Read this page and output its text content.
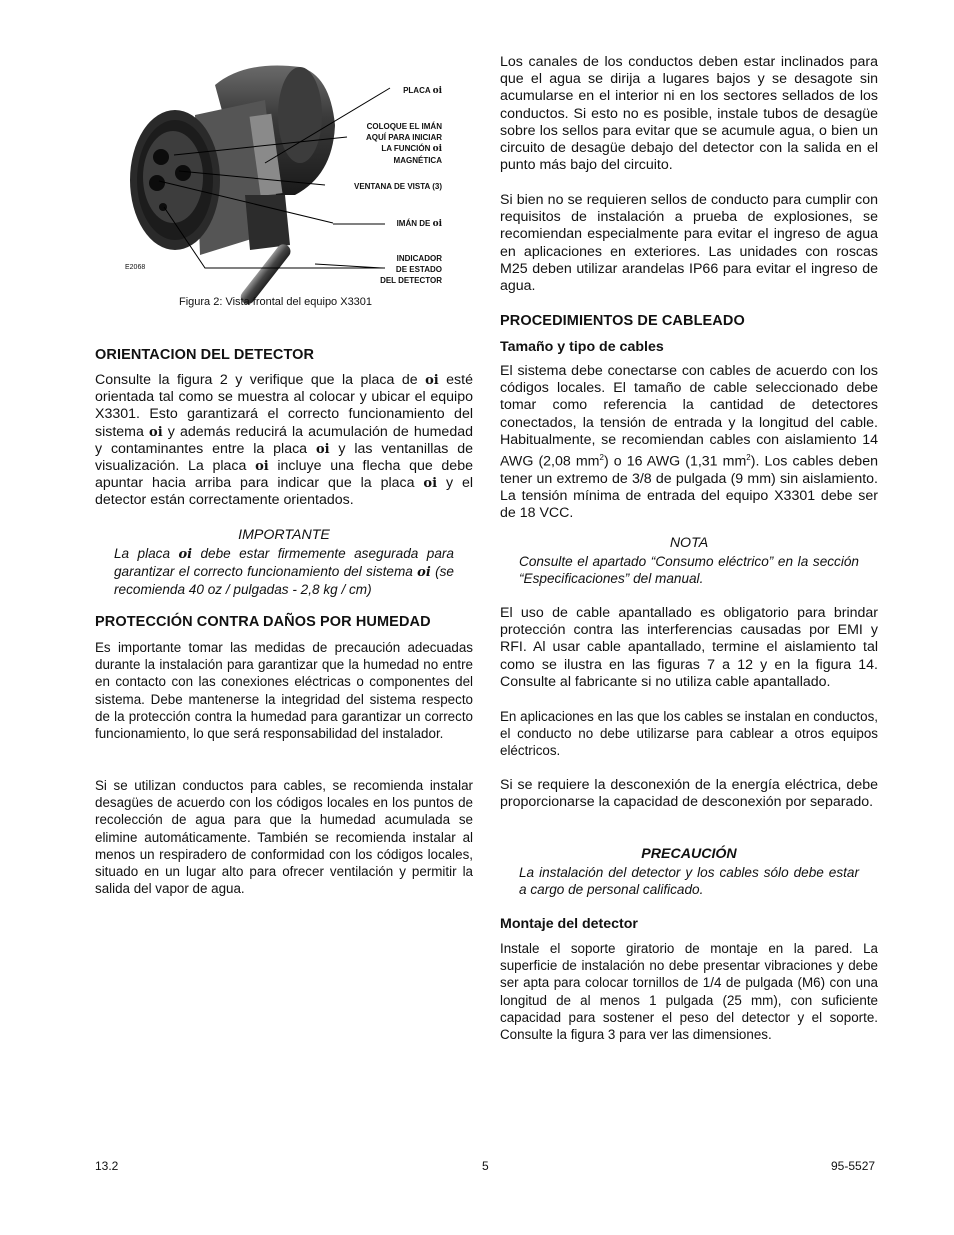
PLACA oi
COLOQUE EL IMÁN
AQUÍ PARA INICIAR
LA FUNCIÓN oi
MAGNÉTICA
VENTANA DE VISTA (3)
IMÁN DE oi
INDICADOR
DE ESTADO
DEL DETECTOR
E2068
Figura 2: Vista frontal del equipo X3301
ORIENTACION DEL DETECTOR

Consulte la figura 2 y verifique que la placa de oi esté orientada tal como se muestra al colocar y ubicar el equipo X3301. Esto garantizará el correcto funcionamiento del sistema oi y además reducirá la acumulación de humedad y contaminantes entre la placa oi y las ventanillas de visualización. La placa oi incluye una flecha que debe apuntar hacia arriba para indicar que la placa oi y el detector están correctamente orientados.

IMPORTANTE

La placa oi debe estar firmemente asegurada para garantizar el correcto funcionamiento del sistema oi (se recomienda 40 oz / pulgadas - 2,8 kg / cm)

PROTECCIÓN CONTRA DAÑOS POR HUMEDAD

Es importante tomar las medidas de precaución adecuadas durante la instalación para garantizar que la humedad no entre en contacto con las conexiones eléctricas o componentes del sistema. Debe mantenerse la integridad del sistema respecto de la protección contra la humedad para garantizar un correcto funcionamiento, lo que será responsabilidad del instalador.

Si se utilizan conductos para cables, se recomienda instalar desagües de acuerdo con los códigos locales en los puntos de recolección de agua para que la humedad acumulada se elimine automáticamente. También se recomienda instalar al menos un respiradero de conformidad con los códigos locales, situado en un lugar alto para ofrecer ventilación y permitir la salida del vapor de agua.

Los canales de los conductos deben estar inclinados para que el agua se dirija a lugares bajos y se desagote sin acumularse en el interior ni en los sectores sellados de los conductos. Si esto no es posible, instale tubos de desagüe sobre los sellos para evitar que se acumule agua, o bien un circuito de desagüe debajo del detector con la salida en el punto más bajo del circuito.

Si bien no se requieren sellos de conducto para cumplir con requisitos de instalación a prueba de explosiones, se recomiendan especialmente para evitar el ingreso de agua en aplicaciones en exteriores. Las unidades con roscas M25 deben utilizar arandelas IP66 para evitar el ingreso de agua.

PROCEDIMIENTOS DE CABLEADO
Tamaño y tipo de cables

El sistema debe conectarse con cables de acuerdo con los códigos locales. El tamaño de cable seleccionado debe tomar como referencia la cantidad de detectores conectados, la tensión de entrada y la longitud del cable. Habitualmente, se recomiendan cables con aislamiento 14 AWG (2,08 $mm^2$) o 16 AWG (1,31 $mm^2$). Los cables deben tener un extremo de 3/8 de pulgada (9 mm) sin aislamiento. La tensión mínima de entrada del equipo X3301 debe ser de 18 VCC.

NOTA

Consulte el apartado “Consumo eléctrico” en la sección “Especificaciones” del manual.

El uso de cable apantallado es obligatorio para brindar protección contra las interferencias causadas por EMI y RFI. Al usar cable apantallado, termine el aislamiento tal como se ilustra en las figuras 7 a 12 y en la figura 14. Consulte al fabricante si no utiliza cable apantallado.

En aplicaciones en las que los cables se instalan en conductos, el conducto no debe utilizarse para cablear a otros equipos eléctricos.

Si se requiere la desconexión de la energía eléctrica, debe proporcionarse la capacidad de desconexión por separado.

PRECAUCIÓN

La instalación del detector y los cables sólo debe estar a cargo de personal calificado.

Montaje del detector

Instale el soporte giratorio de montaje en la pared. La superficie de instalación no debe presentar vibraciones y debe ser apta para colocar tornillos de 1/4 de pulgada (M6) con una longitud de al menos 1 pulgada (25 mm), con suficiente capacidad para sostener el peso del detector y el soporte. Consulte la figura 3 para ver las dimensiones.

13.2	5	95-5527
